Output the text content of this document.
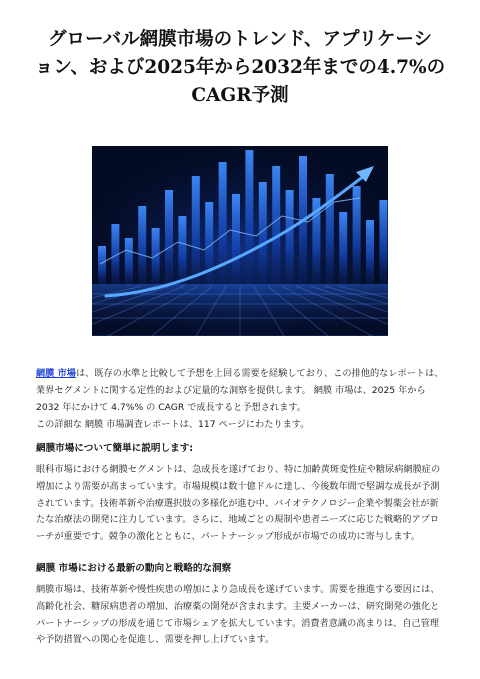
グローバル網膜市場のトレンド、アプリケーシ
ョン、および2025年から2032年までの4.7%の
CAGR予測

網膜 市場は、既存の水準と比較して予想を上回る需要を経験しており、この排他的なレポートは、業界セグメントに関する定性的および定量的な洞察を提供します。 網膜 市場は、2025 年から 2032 年にかけて 4.7%% の CAGR で成長すると予想されます。

この詳細な 網膜 市場調査レポートは、117 ページにわたります。

網膜市場について簡単に説明します:

眼科市場における網膜セグメントは、急成長を遂げており、特に加齢黄斑変性症や糖尿病網膜症の増加により需要が高まっています。市場規模は数十億ドルに達し、今後数年間で堅調な成長が予測されています。技術革新や治療選択肢の多様化が進む中、バイオテクノロジー企業や製薬会社が新たな治療法の開発に注力しています。さらに、地域ごとの規制や患者ニーズに応じた戦略的アプローチが重要です。競争の激化とともに、パートナーシップ形成が市場での成功に寄与します。

網膜 市場における最新の動向と戦略的な洞察

網膜市場は、技術革新や慢性疾患の増加により急成長を遂げています。需要を推進する要因には、高齢化社会、糖尿病患者の増加、治療薬の開発が含まれます。主要メーカーは、研究開発の強化とパートナーシップの形成を通じて市場シェアを拡大しています。消費者意識の高まりは、自己管理や予防措置への関心を促進し、需要を押し上げています。
